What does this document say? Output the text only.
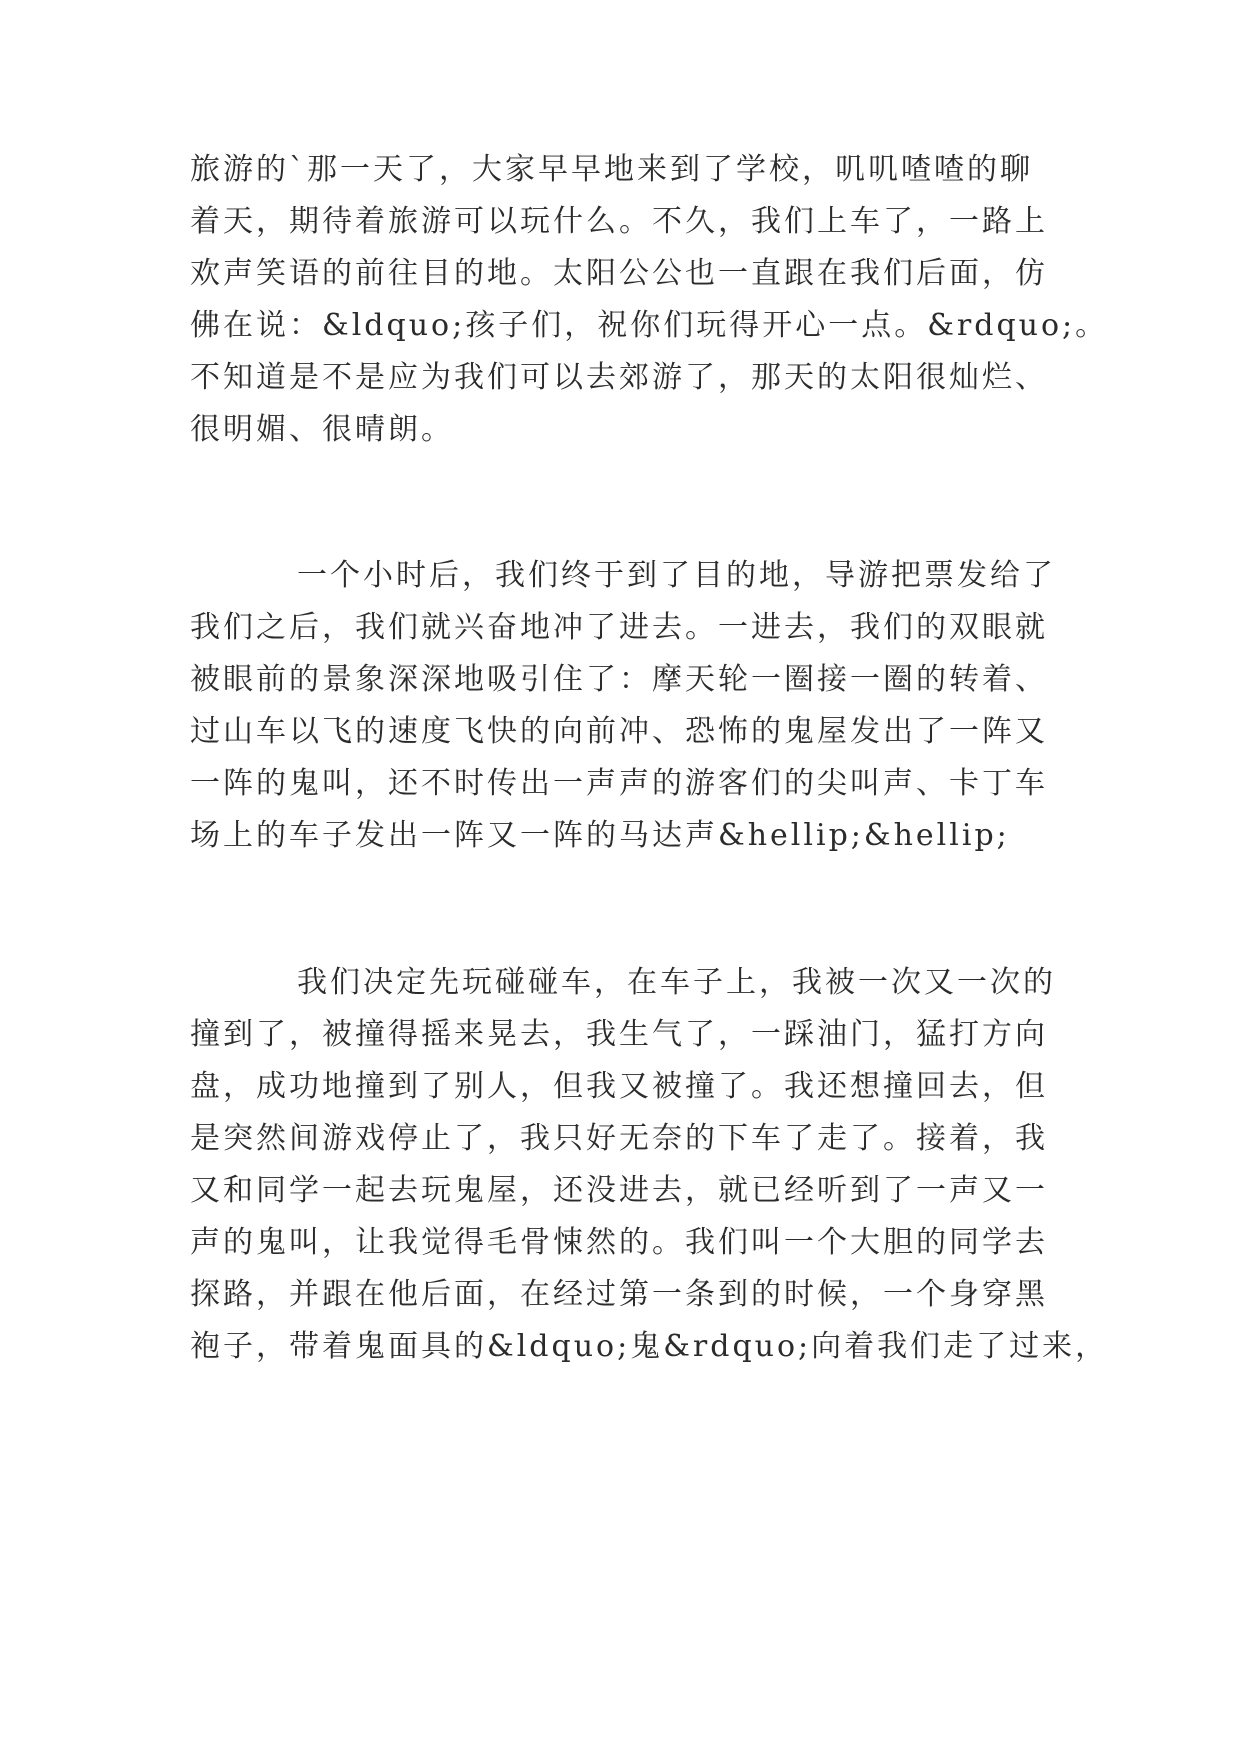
旅游的`那一天了，大家早早地来到了学校，叽叽喳喳的聊

着天，期待着旅游可以玩什么。不久，我们上车了，一路上

欢声笑语的前往目的地。太阳公公也一直跟在我们后面，仿

佛在说：&ldquo;孩子们，祝你们玩得开心一点。&rdquo;。

不知道是不是应为我们可以去郊游了，那天的太阳很灿烂、

很明媚、很晴朗。

一个小时后，我们终于到了目的地，导游把票发给了

我们之后，我们就兴奋地冲了进去。一进去，我们的双眼就

被眼前的景象深深地吸引住了：摩天轮一圈接一圈的转着、

过山车以飞的速度飞快的向前冲、恐怖的鬼屋发出了一阵又

一阵的鬼叫，还不时传出一声声的游客们的尖叫声、卡丁车

场上的车子发出一阵又一阵的马达声&hellip;&hellip;

我们决定先玩碰碰车，在车子上，我被一次又一次的

撞到了，被撞得摇来晃去，我生气了，一踩油门，猛打方向

盘，成功地撞到了别人，但我又被撞了。我还想撞回去，但

是突然间游戏停止了，我只好无奈的下车了走了。接着，我

又和同学一起去玩鬼屋，还没进去，就已经听到了一声又一

声的鬼叫，让我觉得毛骨悚然的。我们叫一个大胆的同学去

探路，并跟在他后面，在经过第一条到的时候，一个身穿黑

袍子，带着鬼面具的&ldquo;鬼&rdquo;向着我们走了过来，
